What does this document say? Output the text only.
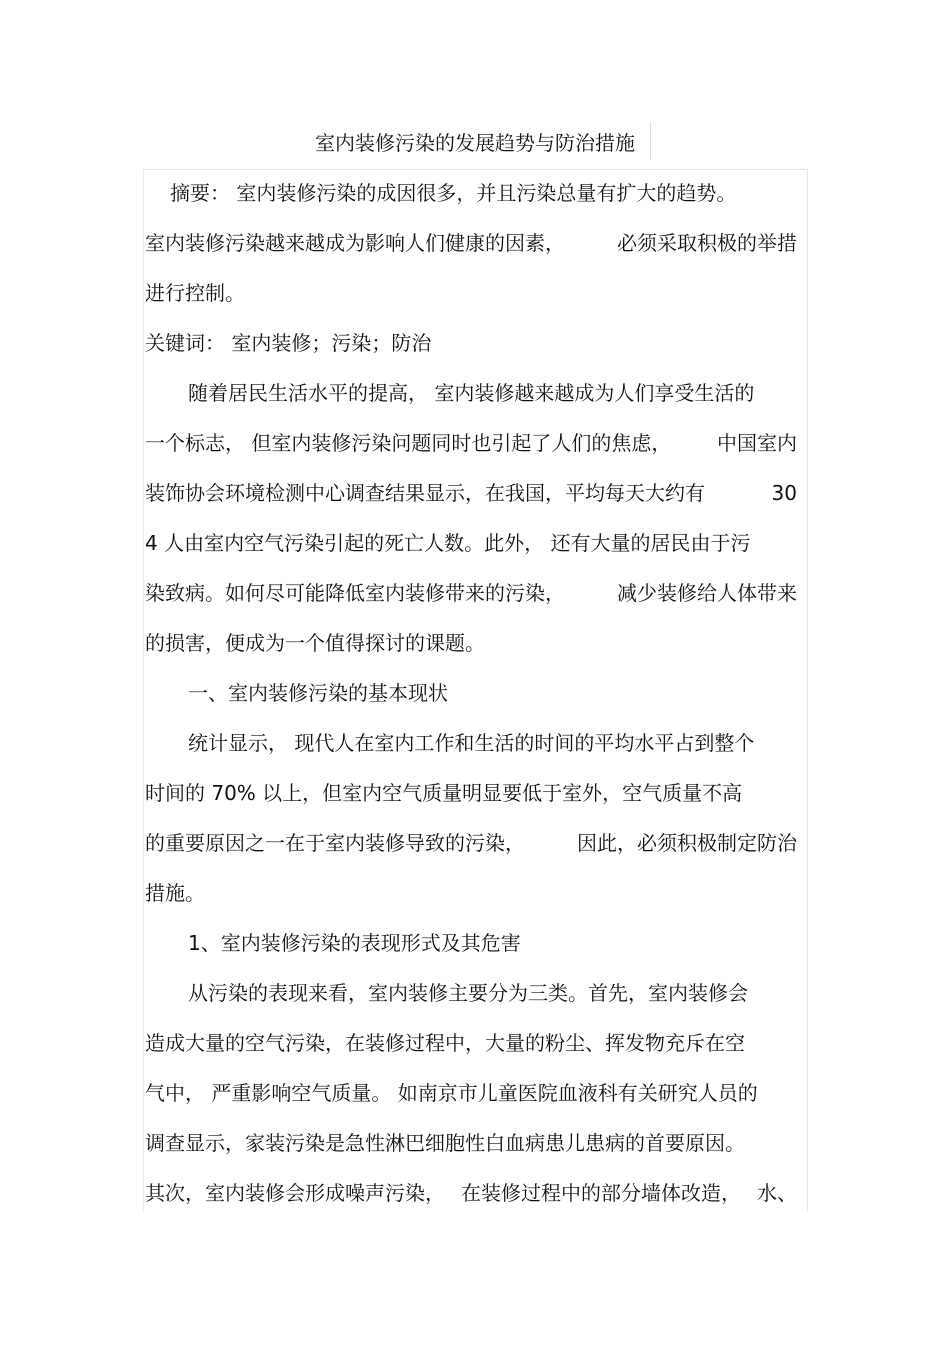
室内装修污染的发展趋势与防治措施

摘要： 室内装修污染的成因很多，并且污染总量有扩大的趋势。

室内装修污染越来越成为影响人们健康的因素，	必须采取积极的举措

进行控制。

关键词： 室内装修；污染；防治

随着居民生活水平的提高， 室内装修越来越成为人们享受生活的

一个标志， 但室内装修污染问题同时也引起了人们的焦虑， 中国室内
装饰协会环境检测中心调查结果显示，在我国，平均每天大约有	30

4 人由室内空气污染引起的死亡人数。此外， 还有大量的居民由于污

染致病。如何尽可能降低室内装修带来的污染，	减少装修给人体带来

的损害，便成为一个值得探讨的课题。

一、室内装修污染的基本现状

统计显示， 现代人在室内工作和生活的时间的平均水平占到整个

时间的 70% 以上，但室内空气质量明显要低于室外，空气质量不高

的重要原因之一在于室内装修导致的污染，	因此，必须积极制定防治

措施。

1、室内装修污染的表现形式及其危害

从污染的表现来看，室内装修主要分为三类。首先，室内装修会

造成大量的空气污染，在装修过程中，大量的粉尘、挥发物充斥在空

气中， 严重影响空气质量。 如南京市儿童医院血液科有关研究人员的

调查显示，家装污染是急性淋巴细胞性白血病患儿患病的首要原因。

其次，室内装修会形成噪声污染， 在装修过程中的部分墙体改造， 水、
